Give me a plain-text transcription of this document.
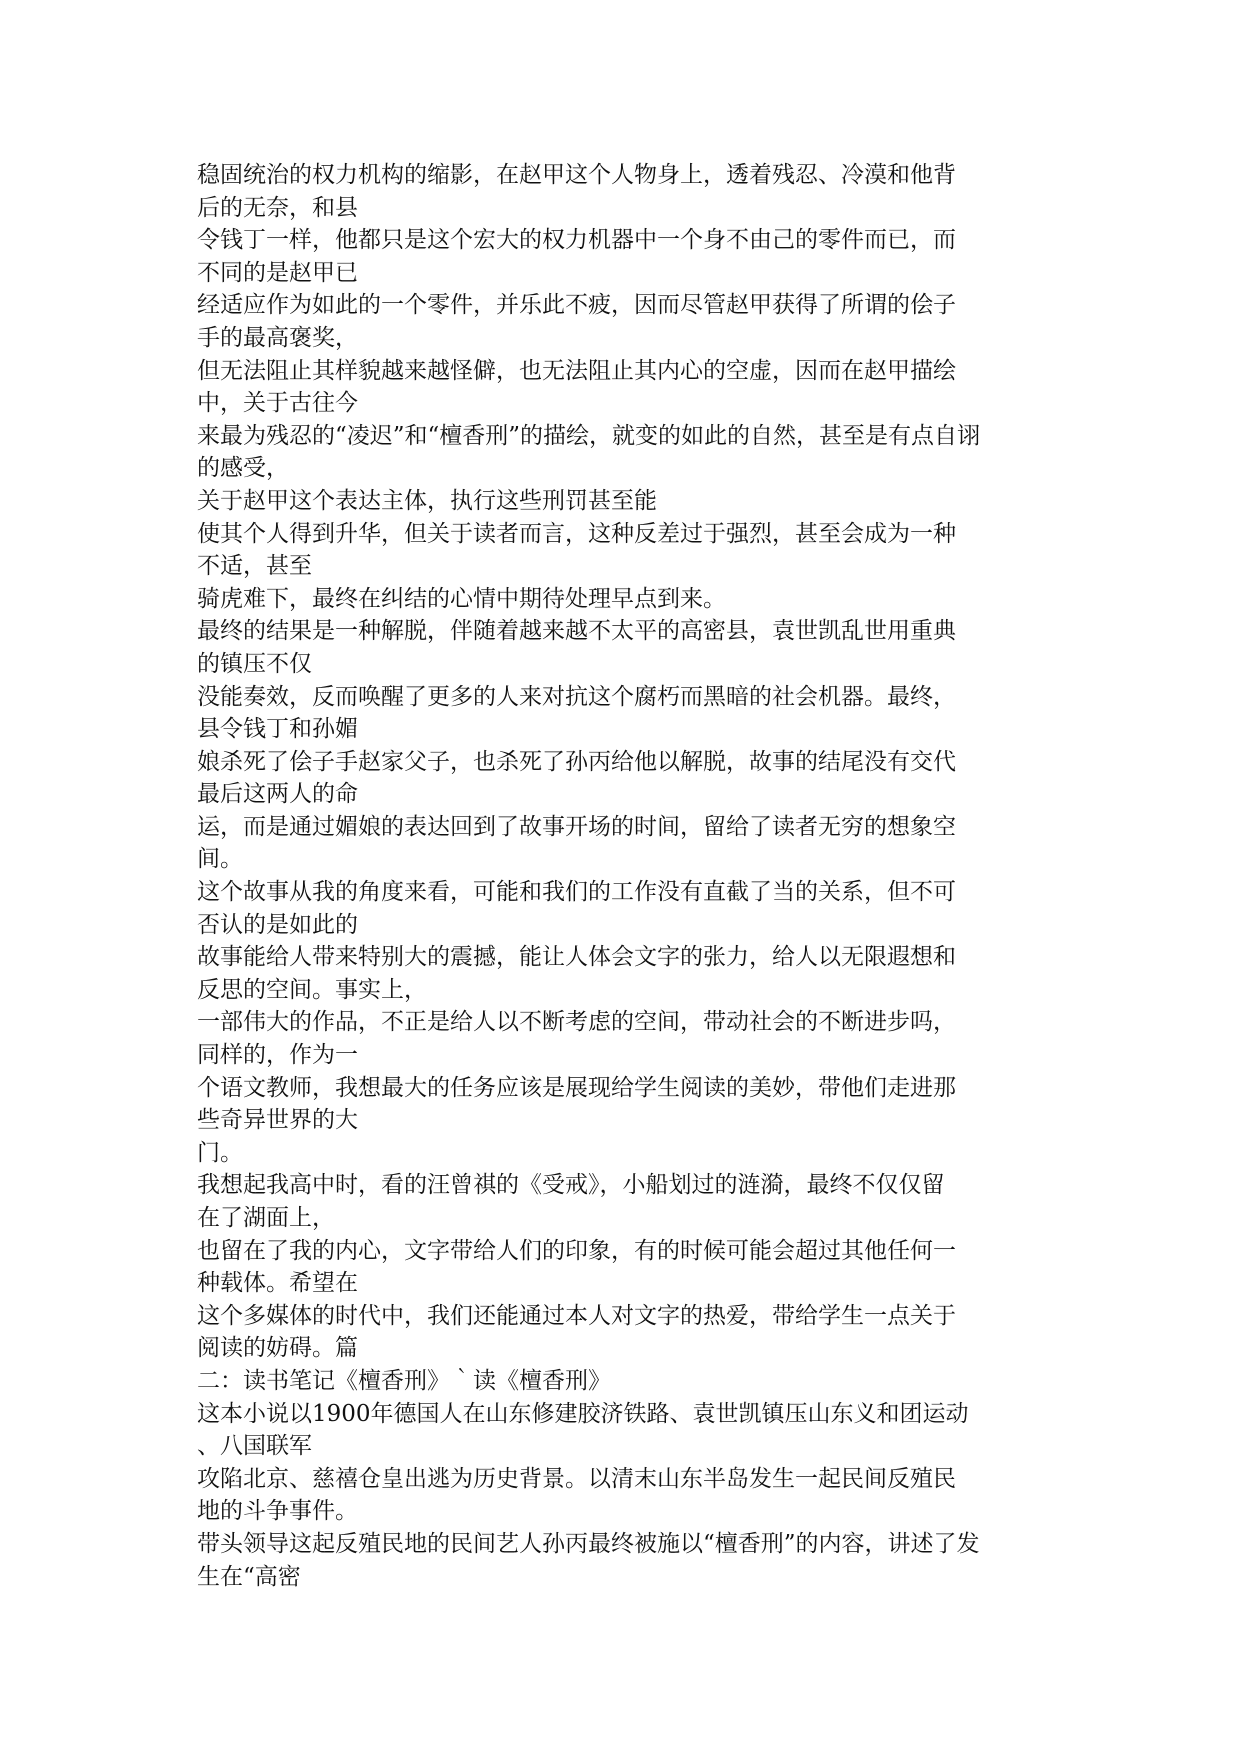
稳固统治的权力机构的缩影，在赵甲这个人物身上，透着残忍、冷漠和他背
后的无奈，和县
令钱丁一样，他都只是这个宏大的权力机器中一个身不由己的零件而已，而
不同的是赵甲已
经适应作为如此的一个零件，并乐此不疲，因而尽管赵甲获得了所谓的侩子
手的最高褒奖，
但无法阻止其样貌越来越怪僻，也无法阻止其内心的空虚，因而在赵甲描绘
中，关于古往今
来最为残忍的“凌迟”和“檀香刑”的描绘，就变的如此的自然，甚至是有点自诩
的感受，
关于赵甲这个表达主体，执行这些刑罚甚至能
使其个人得到升华，但关于读者而言，这种反差过于强烈，甚至会成为一种
不适，甚至
骑虎难下，最终在纠结的心情中期待处理早点到来。
最终的结果是一种解脱，伴随着越来越不太平的高密县，袁世凯乱世用重典
的镇压不仅
没能奏效，反而唤醒了更多的人来对抗这个腐朽而黑暗的社会机器。最终，
县令钱丁和孙媚
娘杀死了侩子手赵家父子，也杀死了孙丙给他以解脱，故事的结尾没有交代
最后这两人的命
运，而是通过媚娘的表达回到了故事开场的时间，留给了读者无穷的想象空
间。
这个故事从我的角度来看，可能和我们的工作没有直截了当的关系，但不可
否认的是如此的
故事能给人带来特别大的震撼，能让人体会文字的张力，给人以无限遐想和
反思的空间。事实上，
一部伟大的作品，不正是给人以不断考虑的空间，带动社会的不断进步吗，
同样的，作为一
个语文教师，我想最大的任务应该是展现给学生阅读的美妙，带他们走进那
些奇异世界的大
门。
我想起我高中时，看的汪曾祺的《受戒》，小船划过的涟漪，最终不仅仅留
在了湖面上，
也留在了我的内心，文字带给人们的印象，有的时候可能会超过其他任何一
种载体。希望在
这个多媒体的时代中，我们还能通过本人对文字的热爱，带给学生一点关于
阅读的妨碍。篇
二：读书笔记《檀香刑》｀读《檀香刑》
这本小说以1900年德国人在山东修建胶济铁路、袁世凯镇压山东义和团运动
、八国联军
攻陷北京、慈禧仓皇出逃为历史背景。以清末山东半岛发生一起民间反殖民
地的斗争事件。
带头领导这起反殖民地的民间艺人孙丙最终被施以“檀香刑”的内容，讲述了发
生在“高密
